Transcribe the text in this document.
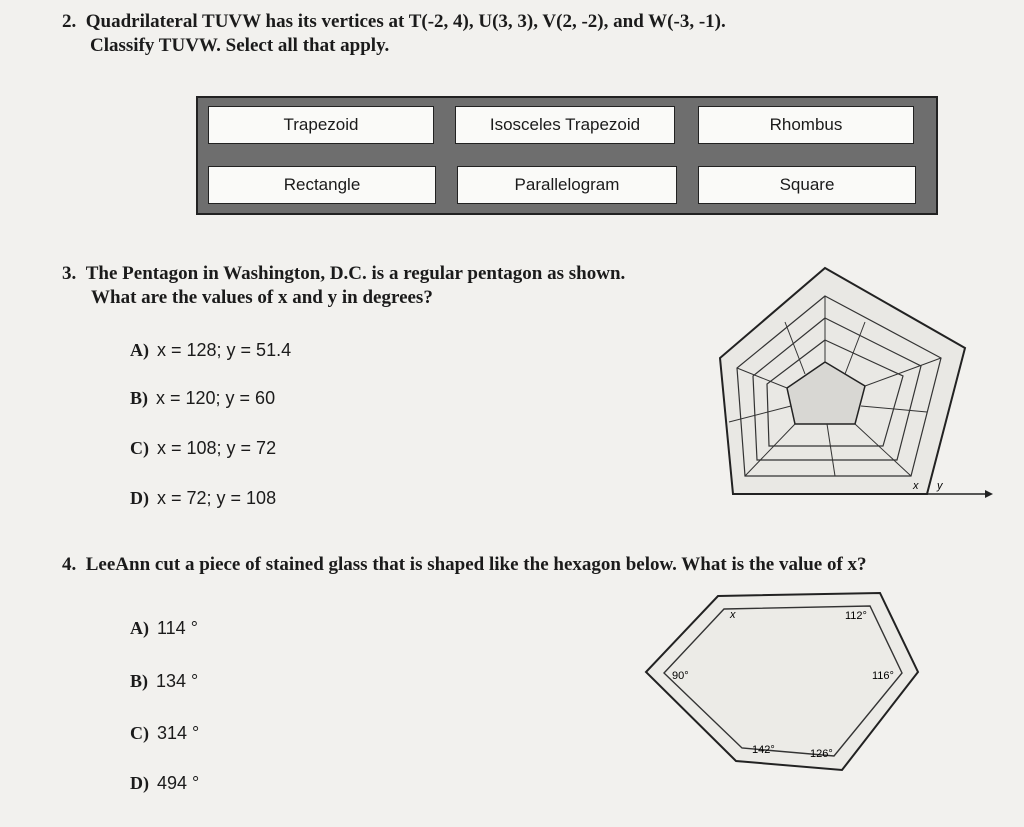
2. Quadrilateral TUVW has its vertices at T(-2, 4), U(3, 3), V(2, -2), and W(-3, -1).
Classify TUVW. Select all that apply.
Trapezoid	Isosceles Trapezoid	Rhombus
Rectangle	Parallelogram	Square
3. The Pentagon in Washington, D.C. is a regular pentagon as shown.
What are the values of x and y in degrees?
A) x = 128; y = 51.4
B) x = 120; y = 60
C) x = 108; y = 72
D) x = 72; y = 108
x y
4. LeeAnn cut a piece of stained glass that is shaped like the hexagon below. What is the value of x?
A) 114 °
B) 134 °
C) 314 °
D) 494 °
x	112°
90°	116°
142°	126°
